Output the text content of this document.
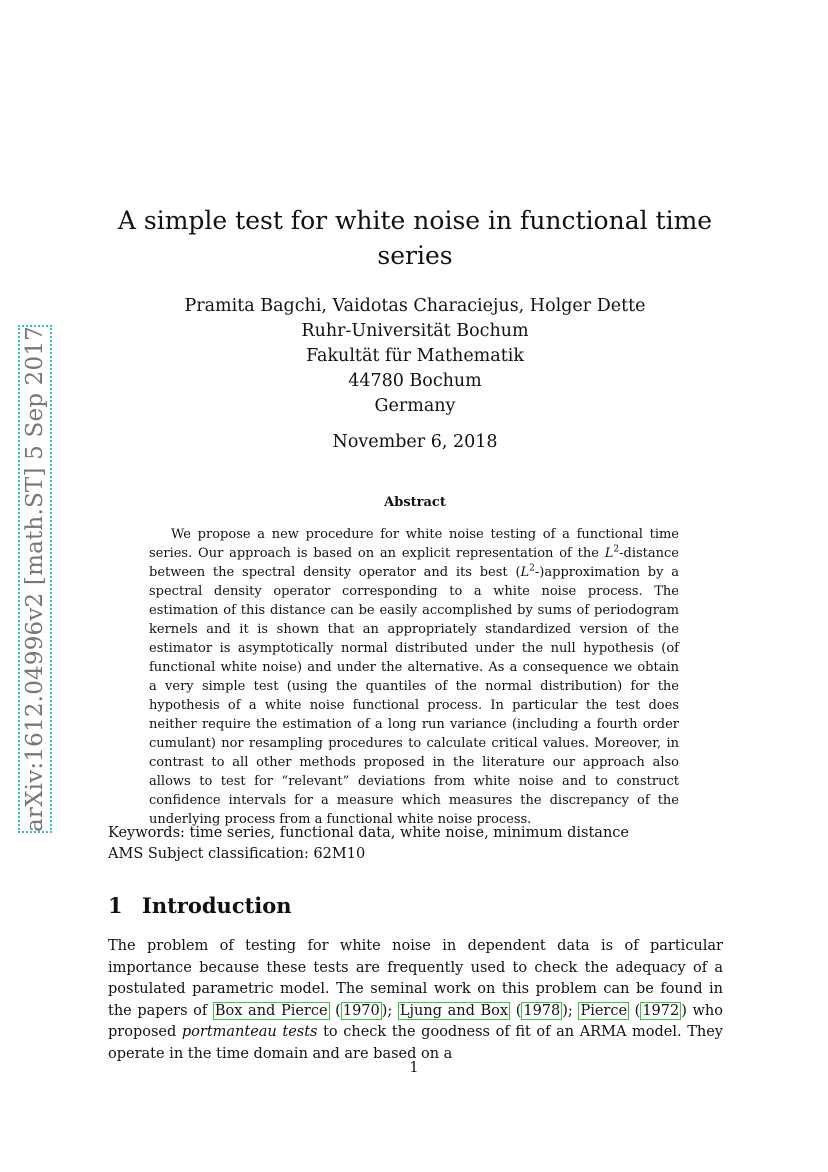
arXiv:1612.04996v2 [math.ST] 5 Sep 2017
A simple test for white noise in functional time series
Pramita Bagchi, Vaidotas Characiejus, Holger Dette
Ruhr-Universität Bochum
Fakultät für Mathematik
44780 Bochum
Germany
November 6, 2018
Abstract
We propose a new procedure for white noise testing of a functional time series. Our approach is based on an explicit representation of the $L^2$-distance between the spectral density operator and its best $(L^2-)approximation$ by a spectral density operator corresponding to a white noise process. The estimation of this distance can be easily accomplished by sums of periodogram kernels and it is shown that an appropriately standardized version of the estimator is asymptotically normal distributed under the null hypothesis (of functional white noise) and under the alternative. As a consequence we obtain a very simple test (using the quantiles of the normal distribution) for the hypothesis of a white noise functional process. In particular the test does neither require the estimation of a long run variance (including a fourth order cumulant) nor resampling procedures to calculate critical values. Moreover, in contrast to all other methods proposed in the literature our approach also allows to test for “relevant” deviations from white noise and to construct confidence intervals for a measure which measures the discrepancy of the underlying process from a functional white noise process.
Keywords: time series, functional data, white noise, minimum distance
AMS Subject classification: 62M10
1 Introduction
The problem of testing for white noise in dependent data is of particular importance because these tests are frequently used to check the adequacy of a postulated parametric model. The seminal work on this problem can be found in the papers of Box and Pierce ( 1970 ); Ljung and Box ( 1978 ); Pierce ( 1972 ) who proposed portmanteau tests to check the goodness of fit of an ARMA model. They operate in the time domain and are based on a
1
